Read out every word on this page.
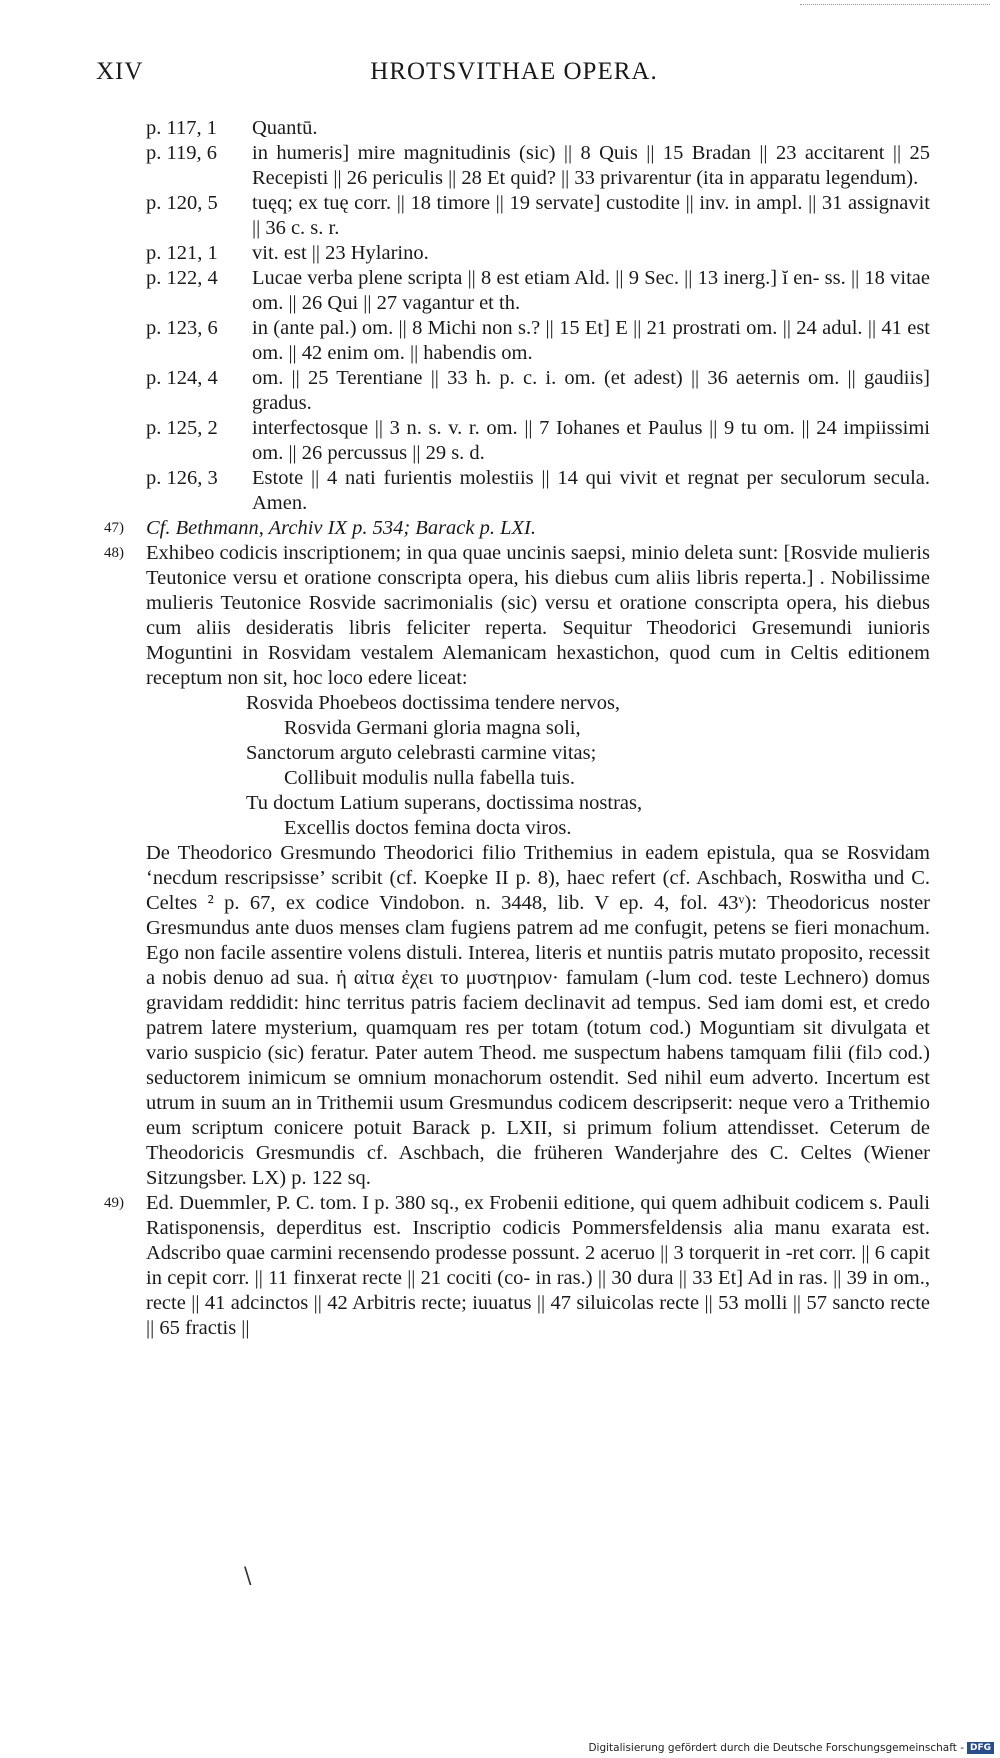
XIV	HROTSVITHAE OPERA.
p. 117, 1 Quantū.
p. 119, 6 in humeris] mire magnitudinis (sic) || 8 Quis || 15 Bradan || 23 accitarent || 25 Recepisti || 26 periculis || 28 Et quid? || 33 privarentur (ita in apparatu legendum).
p. 120, 5 tuęq; ex tuę corr. || 18 timore || 19 servate] custodite || inv. in ampl. || 31 assignavit || 36 c. s. r.
p. 121, 1 vit. est || 23 Hylarino.
p. 122, 4 Lucae verba plene scripta || 8 est etiam Ald. || 9 Sec. || 13 inerg.] ĭ en- ss. || 18 vitae om. || 26 Qui || 27 vagantur et th.
p. 123, 6 in (ante pal.) om. || 8 Michi non s.? || 15 Et] E || 21 prostrati om. || 24 adul. || 41 est om. || 42 enim om. || habendis om.
p. 124, 4 om. || 25 Terentiane || 33 h. p. c. i. om. (et adest) || 36 aeternis om. || gaudiis] gradus.
p. 125, 2 interfectosque || 3 n. s. v. r. om. || 7 Iohanes et Paulus || 9 tu om. || 24 impiissimi om. || 26 percussus || 29 s. d.
p. 126, 3 Estote || 4 nati furientis molestiis || 14 qui vivit et regnat per seculorum secula. Amen.
47) Cf. Bethmann, Archiv IX p. 534; Barack p. LXI.
48) Exhibeo codicis inscriptionem; in qua quae uncinis saepsi, minio deleta sunt: [Rosvide mulieris Teutonice versu et oratione conscripta opera, his diebus cum aliis libris reperta.] . Nobilissime mulieris Teutonice Rosvide sacrimonialis (sic) versu et oratione conscripta opera, his diebus cum aliis desideratis libris feliciter reperta. Sequitur Theodorici Gresemundi iunioris Moguntini in Rosvidam vestalem Alemanicam hexastichon, quod cum in Celtis editionem receptum non sit, hoc loco edere liceat:
Rosvida Phoebeos doctissima tendere nervos,
Rosvida Germani gloria magna soli,
Sanctorum arguto celebrasti carmine vitas;
Collibuit modulis nulla fabella tuis.
Tu doctum Latium superans, doctissima nostras,
Excellis doctos femina docta viros.
De Theodorico Gresmundo Theodorici filio Trithemius in eadem epistula, qua se Rosvidam ‘necdum rescripsisse’ scribit (cf. Koepke II p. 8), haec refert (cf. Aschbach, Roswitha und C. Celtes ² p. 67, ex codice Vindobon. n. 3448, lib. V ep. 4, fol. 43ᵛ): Theodoricus noster Gresmundus ante duos menses clam fugiens patrem ad me confugit, petens se fieri monachum. Ego non facile assentire volens distuli. Interea, literis et nuntiis patris mutato proposito, recessit a nobis denuo ad sua. ἡ αἰτια ἐχει το μυστηριον· famulam (-lum cod. teste Lechnero) domus gravidam reddidit: hinc territus patris faciem declinavit ad tempus. Sed iam domi est, et credo patrem latere mysterium, quamquam res per totam (totum cod.) Moguntiam sit divulgata et vario suspicio (sic) feratur. Pater autem Theod. me suspectum habens tamquam filii (filɔ cod.) seductorem inimicum se omnium monachorum ostendit. Sed nihil eum adverto. Incertum est utrum in suum an in Trithemii usum Gresmundus codicem descripserit: neque vero a Trithemio eum scriptum conicere potuit Barack p. LXII, si primum folium attendisset. Ceterum de Theodoricis Gresmundis cf. Aschbach, die früheren Wanderjahre des C. Celtes (Wiener Sitzungsber. LX) p. 122 sq.
49) Ed. Duemmler, P. C. tom. I p. 380 sq., ex Frobenii editione, qui quem adhibuit codicem s. Pauli Ratisponensis, deperditus est. Inscriptio codicis Pommersfeldensis alia manu exarata est. Adscribo quae carmini recensendo prodesse possunt. 2 aceruo || 3 torquerit in -ret corr. || 6 capit in cepit corr. || 11 finxerat recte || 21 cociti (co- in ras.) || 30 dura || 33 Et] Ad in ras. || 39 in om., recte || 41 adcinctos || 42 Arbitris recte; iuuatus || 47 siluicolas recte || 53 molli || 57 sancto recte || 65 fractis ||
\
Digitalisierung gefördert durch die Deutsche Forschungsgemeinschaft - DFG
